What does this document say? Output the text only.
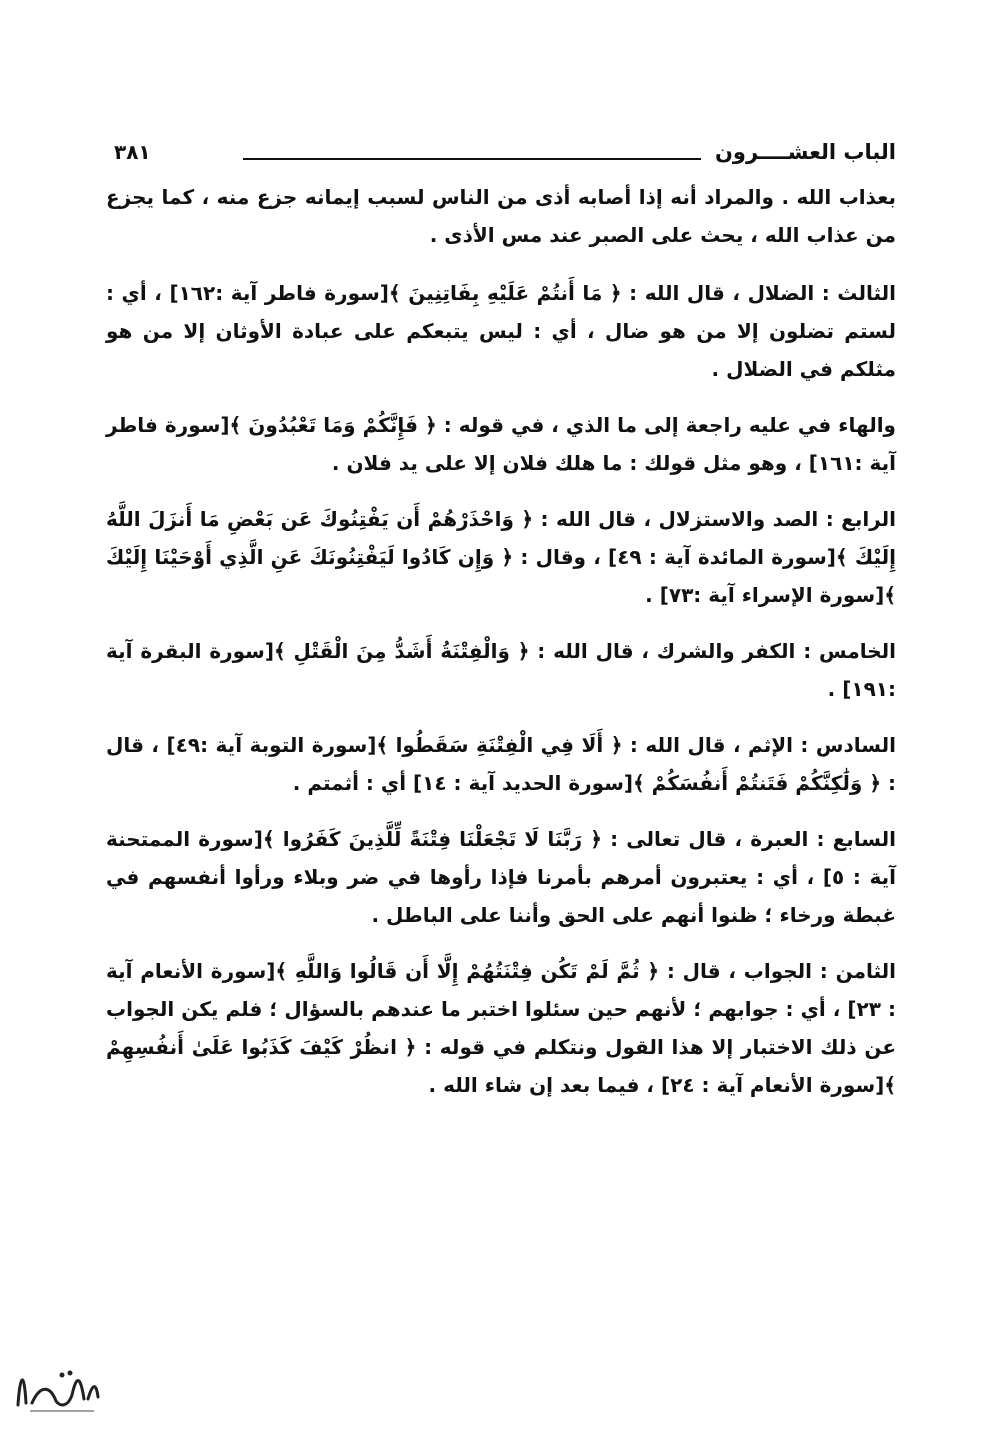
الباب العشــــرون
٣٨١

بعذاب الله . والمراد أنه إذا أصابه أذى من الناس لسبب إيمانه جزع منه ، كما يجزع من عذاب الله ، يحث على الصبر عند مس الأذى .

الثالث : الضلال ، قال الله : ﴿ مَا أَنتُمْ عَلَيْهِ بِفَاتِنِينَ ﴾[سورة فاطر آية :١٦٢] ، أي : لستم تضلون إلا من هو ضال ، أي : ليس يتبعكم على عبادة الأوثان إلا من هو مثلكم في الضلال .

والهاء في عليه راجعة إلى ما الذي ، في قوله : ﴿ فَإِنَّكُمْ وَمَا تَعْبُدُونَ ﴾[سورة فاطر آية :١٦١] ، وهو مثل قولك : ما هلك فلان إلا على يد فلان .

الرابع : الصد والاستزلال ، قال الله : ﴿ وَاحْذَرْهُمْ أَن يَفْتِنُوكَ عَن بَعْضِ مَا أَنزَلَ اللَّهُ إِلَيْكَ ﴾[سورة المائدة آية : ٤٩] ، وقال : ﴿ وَإِن كَادُوا لَيَفْتِنُونَكَ عَنِ الَّذِي أَوْحَيْنَا إِلَيْكَ ﴾[سورة الإسراء آية :٧٣] .

الخامس : الكفر والشرك ، قال الله : ﴿ وَالْفِتْنَةُ أَشَدُّ مِنَ الْقَتْلِ ﴾[سورة البقرة آية :١٩١] .

السادس : الإثم ، قال الله : ﴿ أَلَا فِي الْفِتْنَةِ سَقَطُوا ﴾[سورة التوبة آية :٤٩] ، قال : ﴿ وَلَٰكِنَّكُمْ فَتَنتُمْ أَنفُسَكُمْ ﴾[سورة الحديد آية : ١٤] أي : أثمتم .

السابع : العبرة ، قال تعالى : ﴿ رَبَّنَا لَا تَجْعَلْنَا فِتْنَةً لِّلَّذِينَ كَفَرُوا ﴾[سورة الممتحنة آية : ٥] ، أي : يعتبرون أمرهم بأمرنا فإذا رأوها في ضر وبلاء ورأوا أنفسهم في غبطة ورخاء ؛ ظنوا أنهم على الحق وأننا على الباطل .

الثامن : الجواب ، قال : ﴿ ثُمَّ لَمْ تَكُن فِتْنَتُهُمْ إِلَّا أَن قَالُوا وَاللَّهِ ﴾[سورة الأنعام آية : ٢٣] ، أي : جوابهم ؛ لأنهم حين سئلوا اختبر ما عندهم بالسؤال ؛ فلم يكن الجواب عن ذلك الاختبار إلا هذا القول ونتكلم في قوله : ﴿ انظُرْ كَيْفَ كَذَبُوا عَلَىٰ أَنفُسِهِمْ ﴾[سورة الأنعام آية : ٢٤] ، فيما بعد إن شاء الله .
